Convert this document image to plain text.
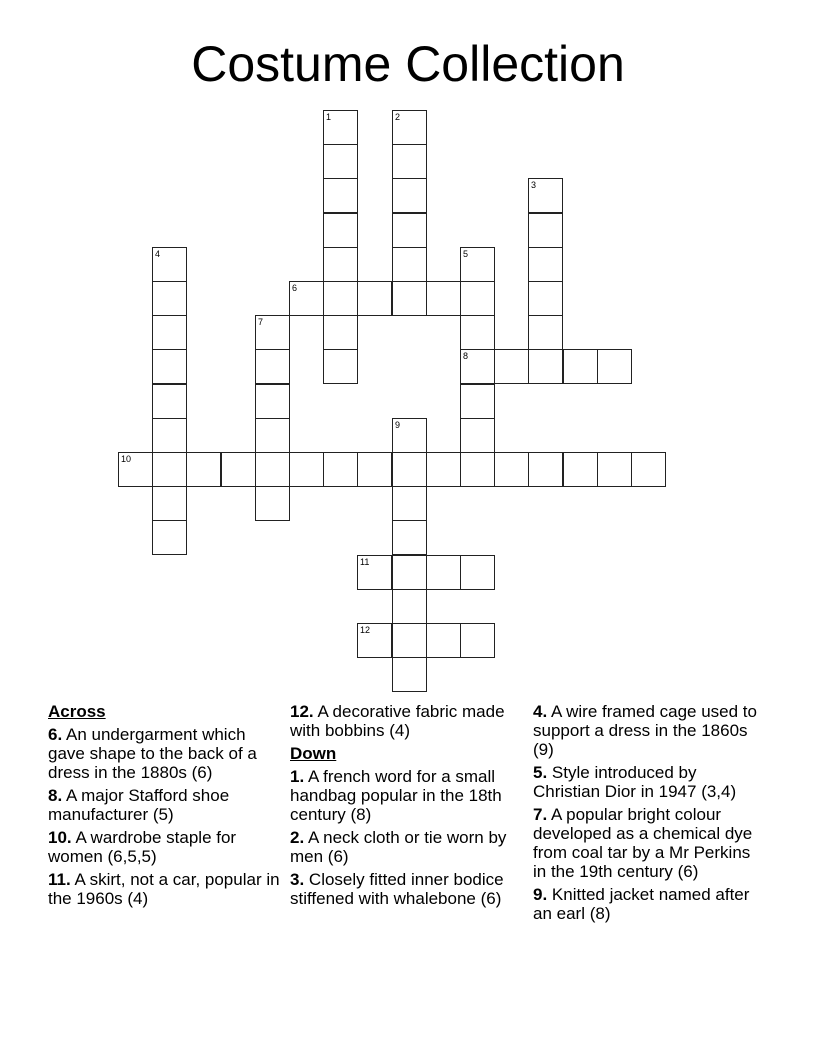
Costume Collection
1	2
3
4	5
8
6
7
9
10
11
12
Across
6. An undergarment which gave shape to the back of a dress in the 1880s (6)
8. A major Stafford shoe manufacturer (5)
10. A wardrobe staple for women (6,5,5)
11. A skirt, not a car, popular in the 1960s (4)
12. A decorative fabric made with bobbins (4)
Down
1. A french word for a small handbag popular in the 18th century (8)
2. A neck cloth or tie worn by men (6)
3. Closely fitted inner bodice stiffened with whalebone (6)
4. A wire framed cage used to support a dress in the 1860s (9)
5. Style introduced by Christian Dior in 1947 (3,4)
7. A popular bright colour developed as a chemical dye from coal tar by a Mr Perkins in the 19th century (6)
9. Knitted jacket named after an earl (8)
